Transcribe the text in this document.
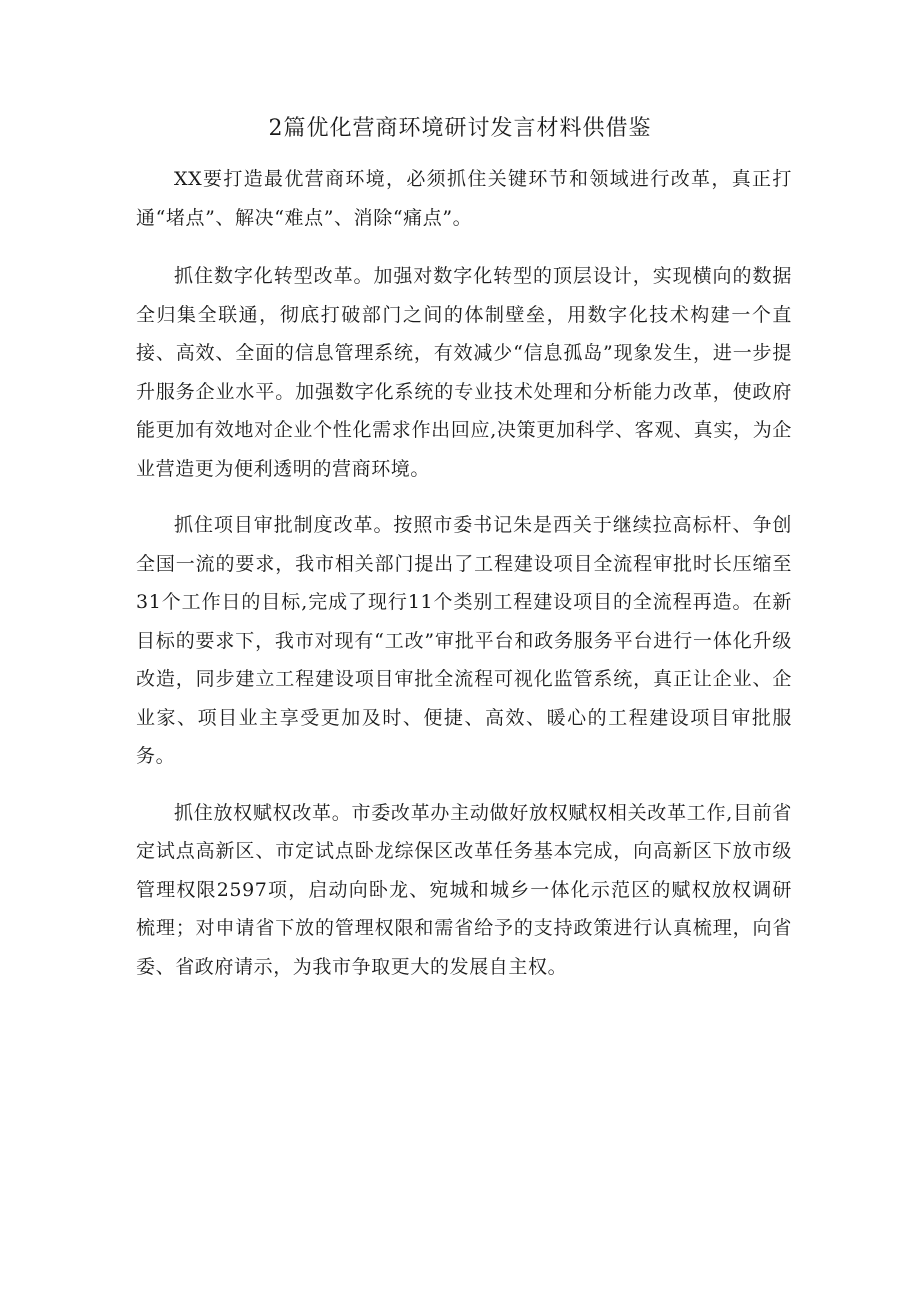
2篇优化营商环境研讨发言材料供借鉴

XX要打造最优营商环境，必须抓住关键环节和领域进行改革，真正打通“堵点”、解决“难点”、消除“痛点”。

抓住数字化转型改革。加强对数字化转型的顶层设计，实现横向的数据全归集全联通，彻底打破部门之间的体制壁垒，用数字化技术构建一个直接、高效、全面的信息管理系统，有效减少“信息孤岛”现象发生，进一步提升服务企业水平。加强数字化系统的专业技术处理和分析能力改革，使政府能更加有效地对企业个性化需求作出回应,决策更加科学、客观、真实，为企业营造更为便利透明的营商环境。

抓住项目审批制度改革。按照市委书记朱是西关于继续拉高标杆、争创全国一流的要求，我市相关部门提出了工程建设项目全流程审批时长压缩至31个工作日的目标,完成了现行11个类别工程建设项目的全流程再造。在新目标的要求下，我市对现有“工改”审批平台和政务服务平台进行一体化升级改造，同步建立工程建设项目审批全流程可视化监管系统，真正让企业、企业家、项目业主享受更加及时、便捷、高效、暖心的工程建设项目审批服务。

抓住放权赋权改革。市委改革办主动做好放权赋权相关改革工作,目前省定试点高新区、市定试点卧龙综保区改革任务基本完成，向高新区下放市级管理权限2597项，启动向卧龙、宛城和城乡一体化示范区的赋权放权调研梳理；对申请省下放的管理权限和需省给予的支持政策进行认真梳理，向省委、省政府请示，为我市争取更大的发展自主权。
